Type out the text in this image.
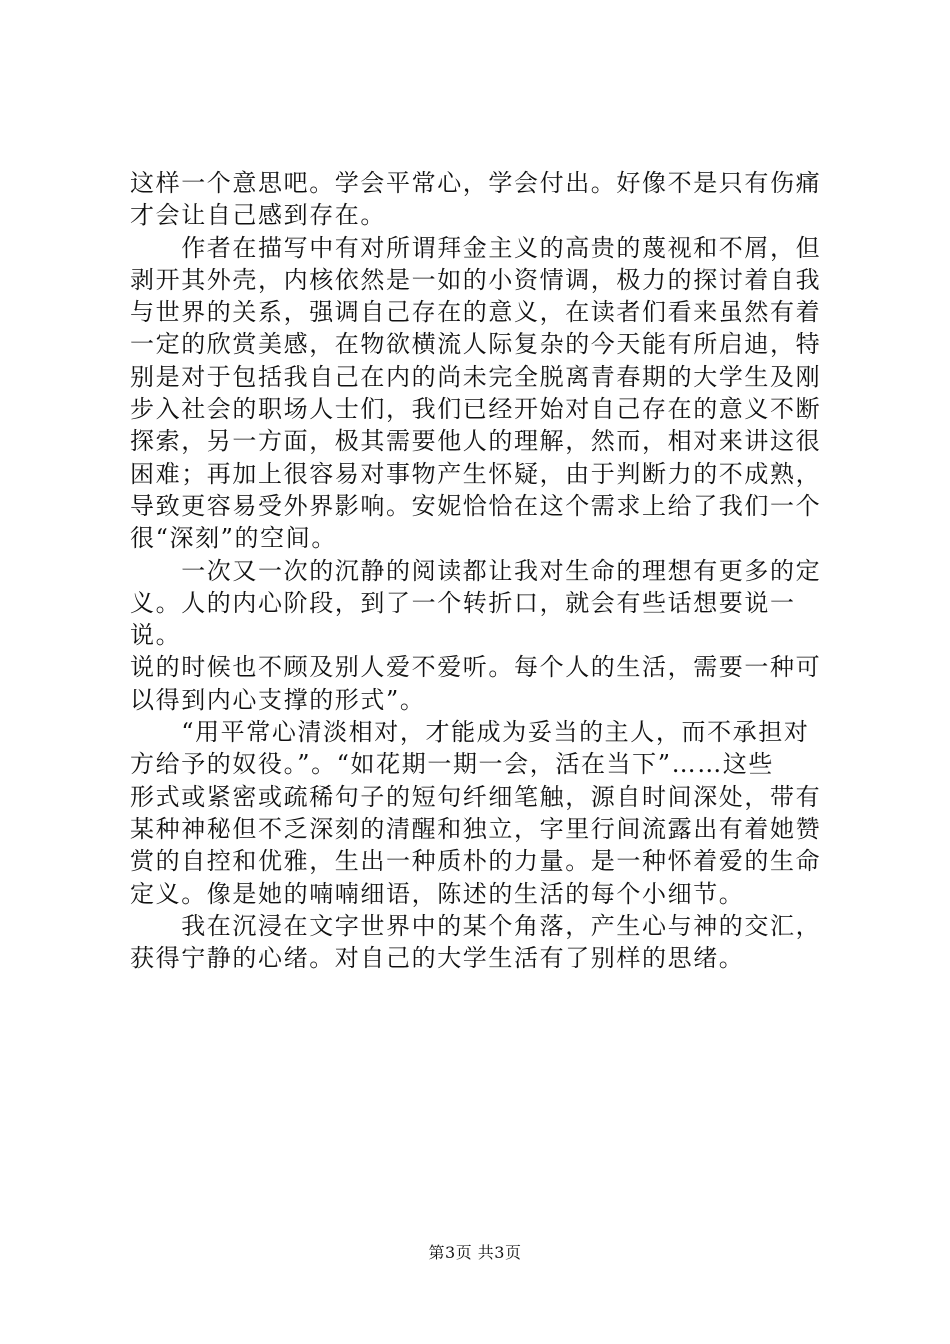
这样一个意思吧。学会平常心，学会付出。好像不是只有伤痛
才会让自己感到存在。

　　作者在描写中有对所谓拜金主义的高贵的蔑视和不屑，但
剥开其外壳，内核依然是一如的小资情调，极力的探讨着自我
与世界的关系，强调自己存在的意义，在读者们看来虽然有着
一定的欣赏美感，在物欲横流人际复杂的今天能有所启迪，特
别是对于包括我自己在内的尚未完全脱离青春期的大学生及刚
步入社会的职场人士们，我们已经开始对自己存在的意义不断
探索，另一方面，极其需要他人的理解，然而，相对来讲这很
困难；再加上很容易对事物产生怀疑，由于判断力的不成熟，
导致更容易受外界影响。安妮恰恰在这个需求上给了我们一个
很“深刻”的空间。

　　一次又一次的沉静的阅读都让我对生命的理想有更多的定
义。人的内心阶段，到了一个转折口，就会有些话想要说一说。
说的时候也不顾及别人爱不爱听。每个人的生活，需要一种可
以得到内心支撑的形式”。

　　“用平常心清淡相对，才能成为妥当的主人，而不承担对
方给予的奴役。”。“如花期一期一会，活在当下”……这些
形式或紧密或疏稀句子的短句纤细笔触，源自时间深处，带有
某种神秘但不乏深刻的清醒和独立，字里行间流露出有着她赞
赏的自控和优雅，生出一种质朴的力量。是一种怀着爱的生命
定义。像是她的喃喃细语，陈述的生活的每个小细节。

　　我在沉浸在文字世界中的某个角落，产生心与神的交汇，
获得宁静的心绪。对自己的大学生活有了别样的思绪。

第3页 共3页
